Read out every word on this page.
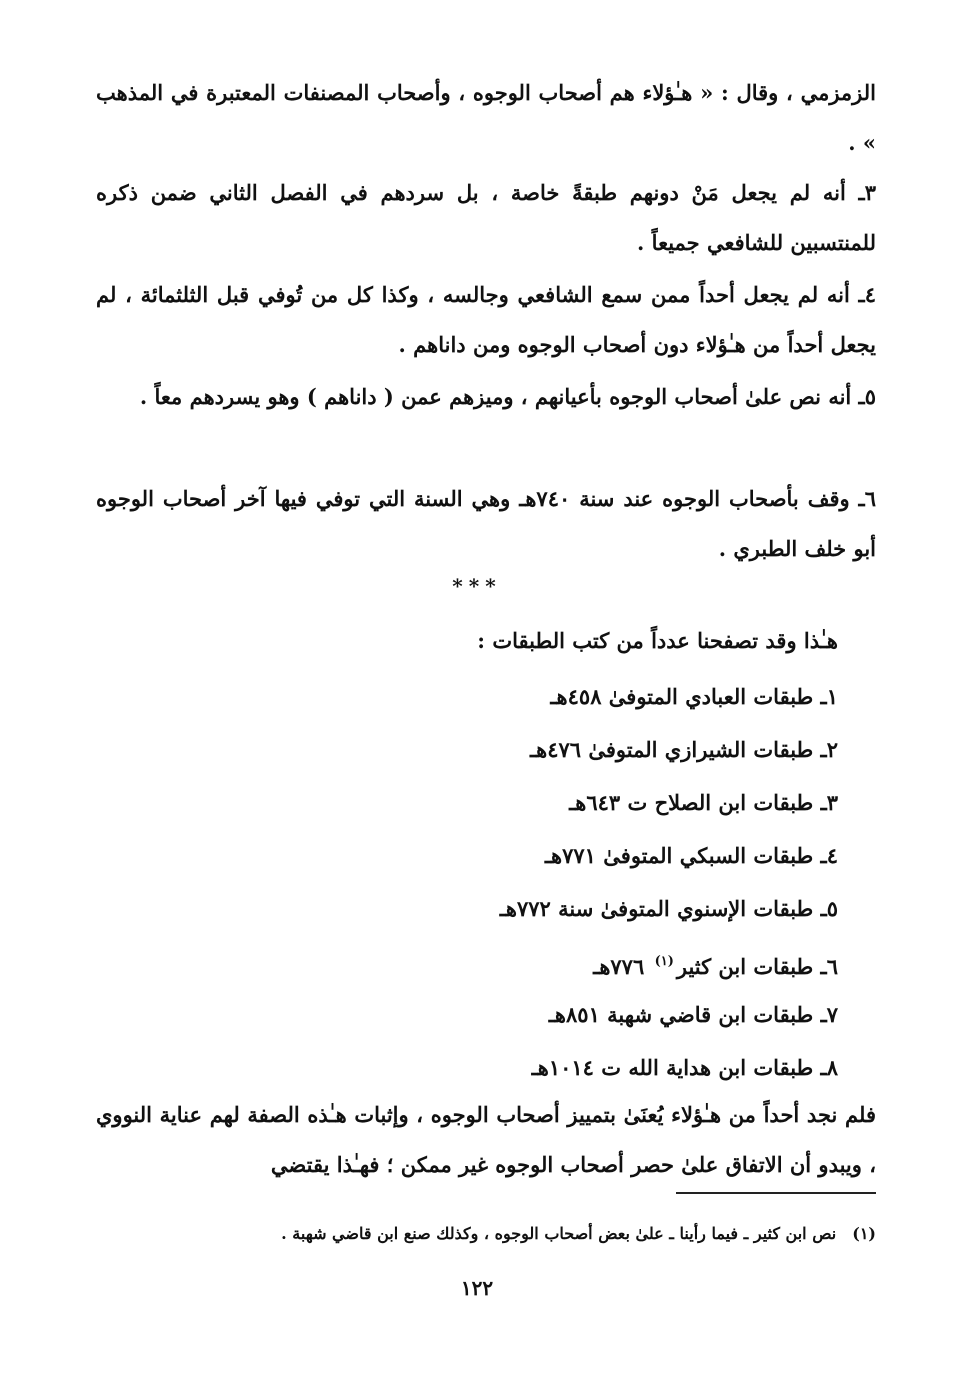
الزمزمي ، وقال : « هـٰؤلاء هم أصحاب الوجوه ، وأصحاب المصنفات المعتبرة في المذهب » .

٣ـ أنه لم يجعل مَنْ دونهم طبقةً خاصة ، بل سردهم في الفصل الثاني ضمن ذكره للمنتسبين للشافعي جميعاً .

٤ـ أنه لم يجعل أحداً ممن سمع الشافعي وجالسه ، وكذا كل من تُوفي قبل الثلثمائة ، لم يجعل أحداً من هـٰؤلاء دون أصحاب الوجوه ومن داناهم .

٥ـ أنه نص علىٰ أصحاب الوجوه بأعيانهم ، وميزهم عمن ( داناهم ) وهو يسردهم معاً .

٦ـ وقف بأصحاب الوجوه عند سنة ٧٤٠هـ وهي السنة التي توفي فيها آخر أصحاب الوجوه أبو خلف الطبري .

***
هـٰذا وقد تصفحنا عدداً من كتب الطبقات :
١ـ طبقات العبادي المتوفىٰ ٤٥٨هـ
٢ـ طبقات الشيرازي المتوفىٰ ٤٧٦هـ
٣ـ طبقات ابن الصلاح ت ٦٤٣هـ
٤ـ طبقات السبكي المتوفىٰ ٧٧١هـ
٥ـ طبقات الإسنوي المتوفىٰ سنة ٧٧٢هـ
٦ـ طبقات ابن كثير$^{(١)}$ ٧٧٦هـ
٧ـ طبقات ابن قاضي شهبة ٨٥١هـ
٨ـ طبقات ابن هداية الله ت ١٠١٤هـ

فلم نجد أحداً من هـٰؤلاء يُعنَىٰ بتمييز أصحاب الوجوه ، وإثبات هـٰذه الصفة لهم عناية النووي ، ويبدو أن الاتفاق علىٰ حصر أصحاب الوجوه غير ممكن ؛ فهـٰذا يقتضي

(١)نص ابن كثير ـ فيما رأينا ـ علىٰ بعض أصحاب الوجوه ، وكذلك صنع ابن قاضي شهبة .
١٢٢
